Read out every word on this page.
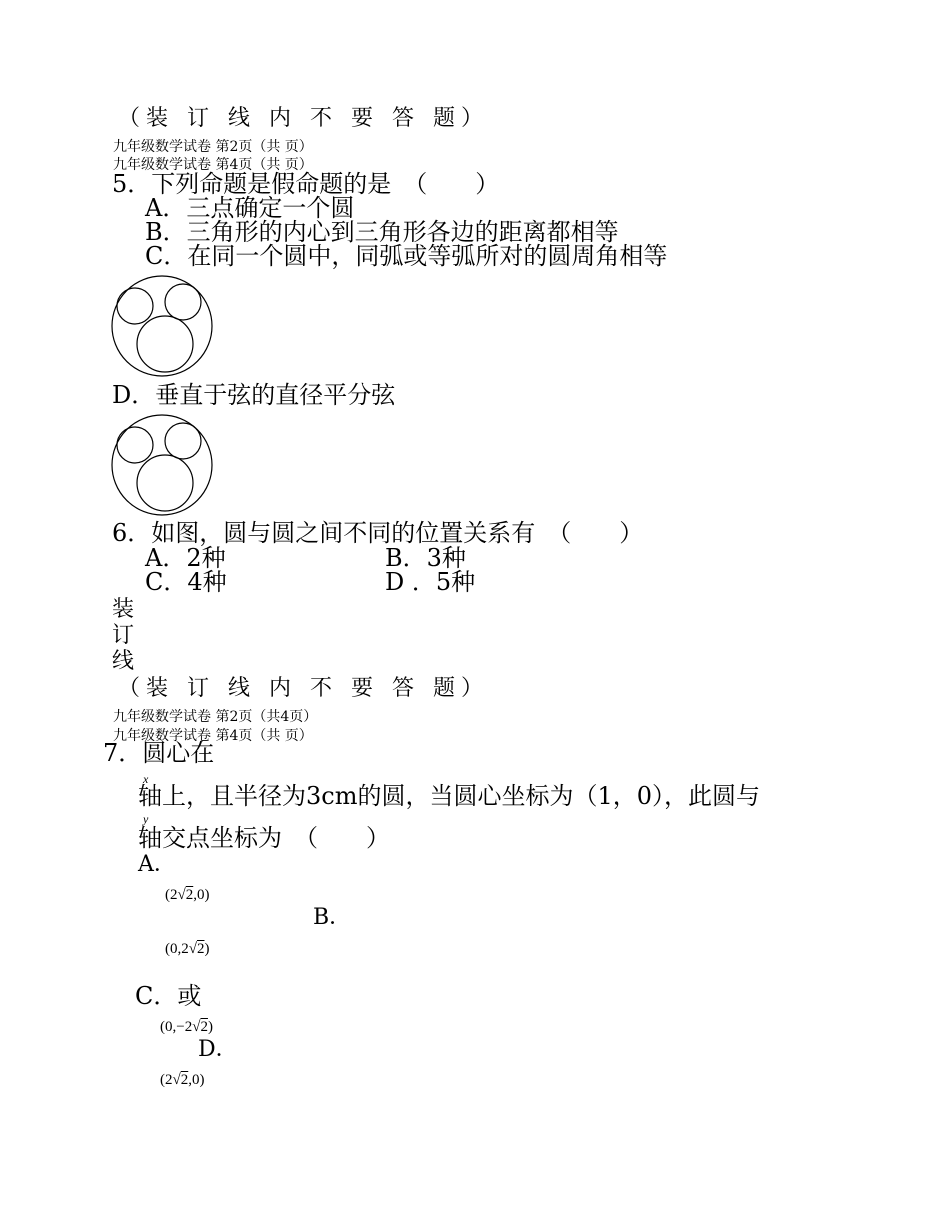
（装 订 线 内 不 要 答 题）
九年级数学试卷 第2页（共 页）
九年级数学试卷 第4页（共 页）
5．下列命题是假命题的是　（　　）
A．三点确定一个圆
B．三角形的内心到三角形各边的距离都相等
C．在同一个圆中，同弧或等弧所对的圆周角相等
D．垂直于弦的直径平分弦
6．如图，圆与圆之间不同的位置关系有　（　　）
A．2种	B．3种
C．4种	D ．5种
装
订
线
（装 订 线 内 不 要 答 题）
九年级数学试卷 第2页（共4页）
九年级数学试卷 第4页（共 页）
7．圆心在
x
轴上，且半径为3cm的圆，当圆心坐标为（1，0），此圆与
y
轴交点坐标为　（　　）
A．
(2√2,0)
B．
(0,2√2)
C．或
(0,−2√2)
D．
(2√2,0)
